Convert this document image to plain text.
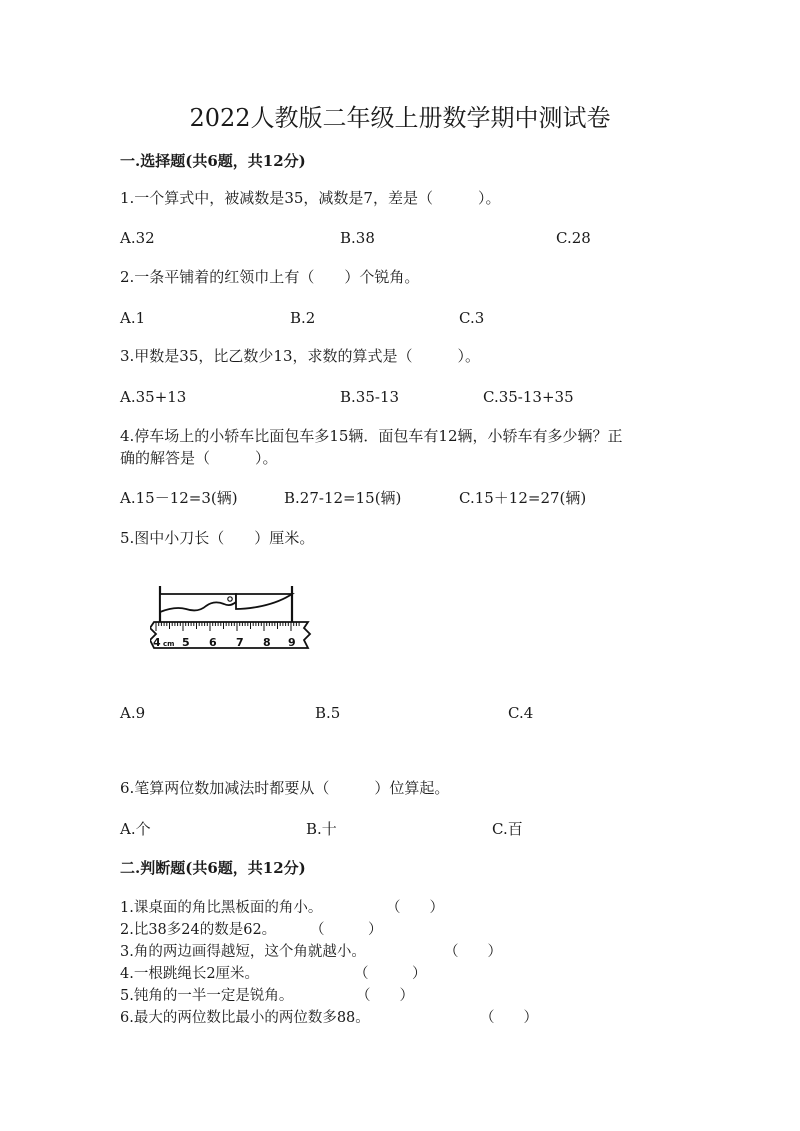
2022人教版二年级上册数学期中测试卷
一.选择题(共6题，共12分)
1.一个算式中，被减数是35，减数是7，差是（　　　）。
A.32	B.38	C.28
2.一条平铺着的红领巾上有（　　）个锐角。
A.1	B.2	C.3
3.甲数是35，比乙数少13，求数的算式是（　　　）。
A.35+13	B.35-13	C.35-13+35
4.停车场上的小轿车比面包车多15辆．面包车有12辆，小轿车有多少辆？正
确的解答是（　　　）。
A.15－12=3(辆)	B.27-12=15(辆)	C.15＋12=27(辆)
5.图中小刀长（　　）厘米。
4 cm 5 6 7 8 9
A.9	B.5	C.4
6.笔算两位数加减法时都要从（　　　）位算起。
A.个	B.十	C.百
二.判断题(共6题，共12分)
1.课桌面的角比黑板面的角小。	（　　）
2.比38多24的数是62。 （　　　）
3.角的两边画得越短，这个角就越小。	（　　）
4.一根跳绳长2厘米。	（　　　）
5.钝角的一半一定是锐角。	（　　）
6.最大的两位数比最小的两位数多88。	（　　）
